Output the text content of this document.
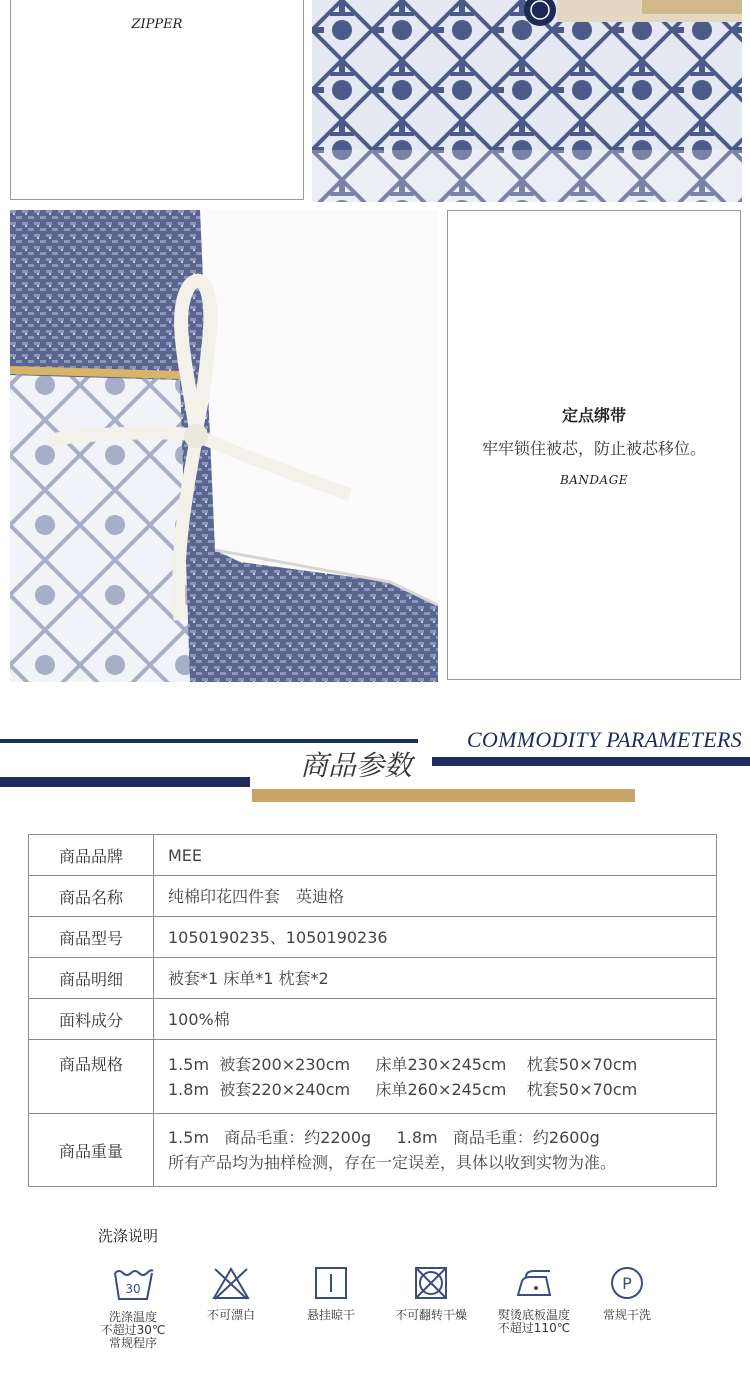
ZIPPER
定点绑带
牢牢锁住被芯，防止被芯移位。
BANDAGE
COMMODITY PARAMETERS
商品参数
商品品牌	MEE

商品名称	纯棉印花四件套　英迪格

商品型号	1050190235、1050190236

商品明细	被套*1 床单*1 枕套*2

面料成分	100%棉

商品规格	1.5m  被套200×230cm     床单230×245cm    枕套50×70cm
1.8m  被套220×240cm     床单260×245cm    枕套50×70cm

商品重量	1.5m   商品毛重：约2200g     1.8m   商品毛重：约2600g
所有产品均为抽样检测，存在一定误差，具体以收到实物为准。
洗涤说明
30
洗涤温度
不超过30℃
常规程序
不可漂白	悬挂晾干	不可翻转干燥	熨烫底板温度
不超过110℃
P
常规干洗
